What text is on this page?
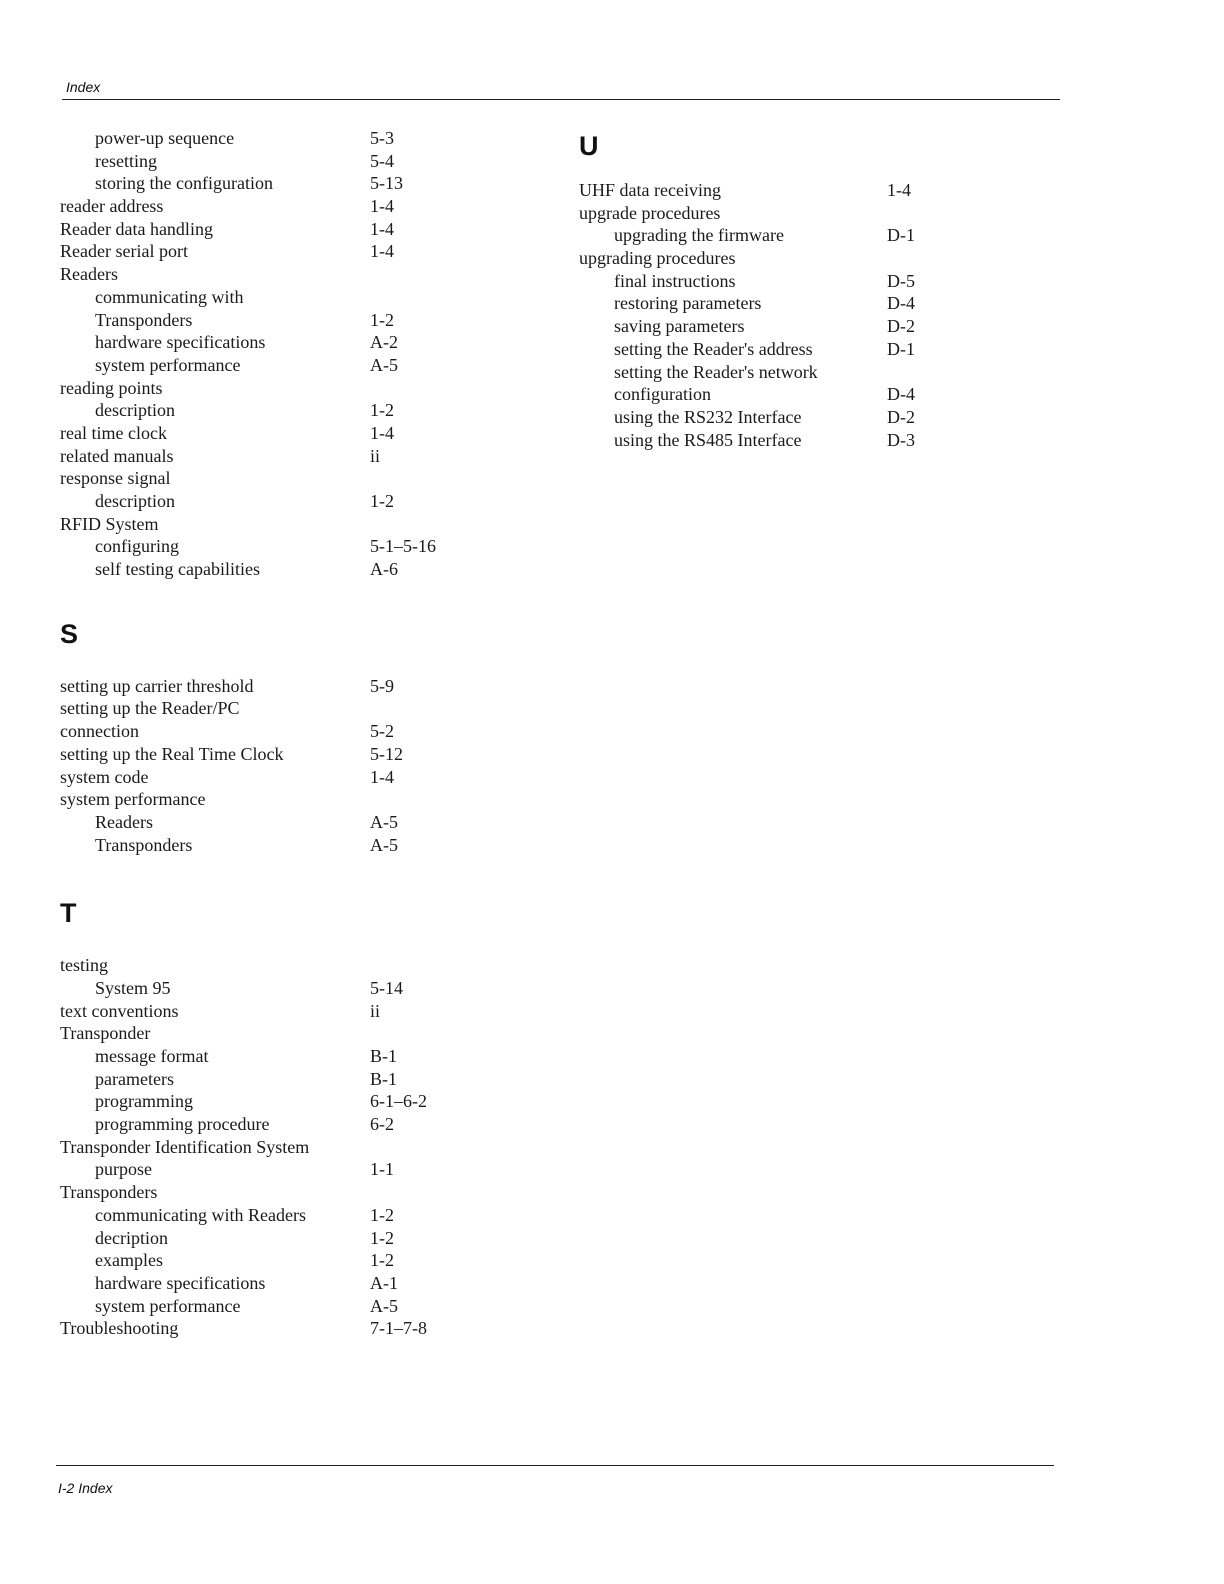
Index
power-up sequence	5-3
resetting	5-4
storing the configuration	5-13
reader address	1-4
Reader data handling	1-4
Reader serial port	1-4
Readers
communicating with
Transponders	1-2
hardware specifications	A-2
system performance	A-5
reading points
description	1-2
real time clock	1-4
related manuals	ii
response signal
description	1-2
RFID System
configuring	5-1–5-16
self testing capabilities	A-6
S
setting up carrier threshold	5-9
setting up the Reader/PC
connection	5-2
setting up the Real Time Clock	5-12
system code	1-4
system performance
Readers	A-5
Transponders	A-5
T
testing
System 95	5-14
text conventions	ii
Transponder
message format	B-1
parameters	B-1
programming	6-1–6-2
programming procedure	6-2
Transponder Identification System
purpose	1-1
Transponders
communicating with Readers	1-2
decription	1-2
examples	1-2
hardware specifications	A-1
system performance	A-5
Troubleshooting	7-1–7-8
U
UHF data receiving	1-4
upgrade procedures
upgrading the firmware	D-1
upgrading procedures
final instructions	D-5
restoring parameters	D-4
saving parameters	D-2
setting the Reader's address	D-1
setting the Reader's network
configuration	D-4
using the RS232 Interface	D-2
using the RS485 Interface	D-3
I-2 Index
